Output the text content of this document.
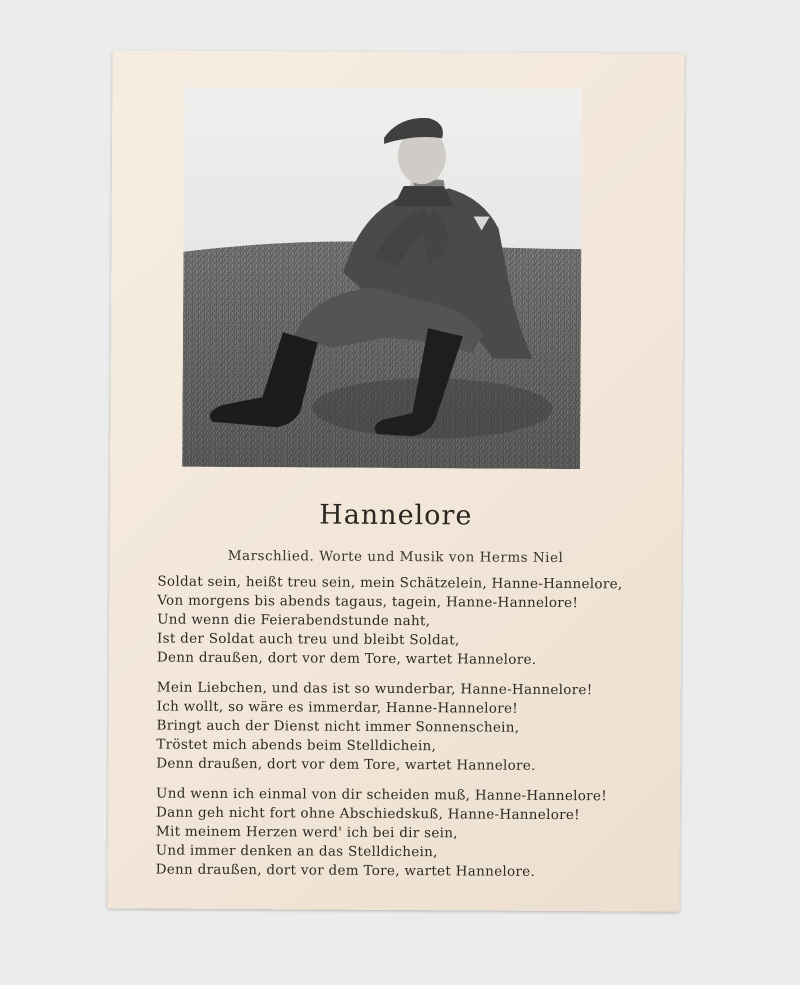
Hannelore
Marschlied. Worte und Musik von Herms Niel
Soldat sein, heißt treu sein, mein Schätzelein, Hanne-Hannelore,
Von morgens bis abends tagaus, tagein, Hanne-Hannelore!
Und wenn die Feierabendstunde naht,
Ist der Soldat auch treu und bleibt Soldat,
Denn draußen, dort vor dem Tore, wartet Hannelore.
Mein Liebchen, und das ist so wunderbar, Hanne-Hannelore!
Ich wollt, so wäre es immerdar, Hanne-Hannelore!
Bringt auch der Dienst nicht immer Sonnenschein,
Tröstet mich abends beim Stelldichein,
Denn draußen, dort vor dem Tore, wartet Hannelore.
Und wenn ich einmal von dir scheiden muß, Hanne-Hannelore!
Dann geh nicht fort ohne Abschiedskuß, Hanne-Hannelore!
Mit meinem Herzen werd' ich bei dir sein,
Und immer denken an das Stelldichein,
Denn draußen, dort vor dem Tore, wartet Hannelore.
